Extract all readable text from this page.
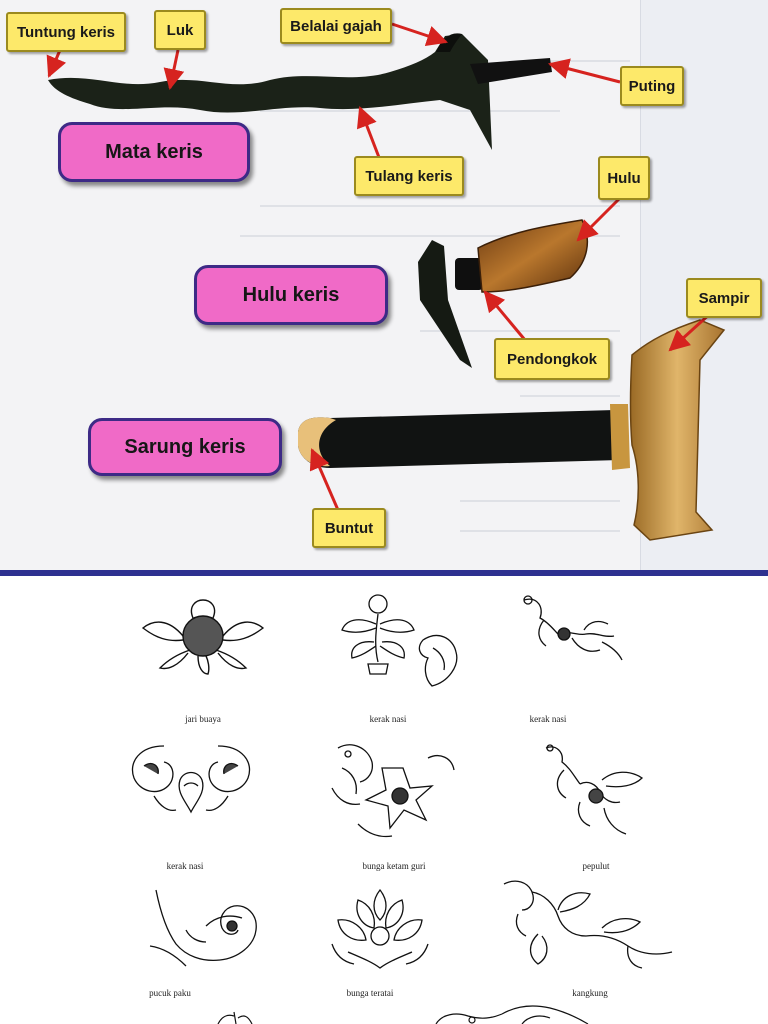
Tuntung keris	Luk	Belalai gajah
Puting
Tulang keris	Hulu
Pendongkok
Sampir
Buntut
Mata keris
Hulu keris
Sarung keris
jari buaya	kerak nasi	kerak nasi
kerak nasi	bunga ketam guri	pepulut
pucuk paku	bunga teratai	kangkung
